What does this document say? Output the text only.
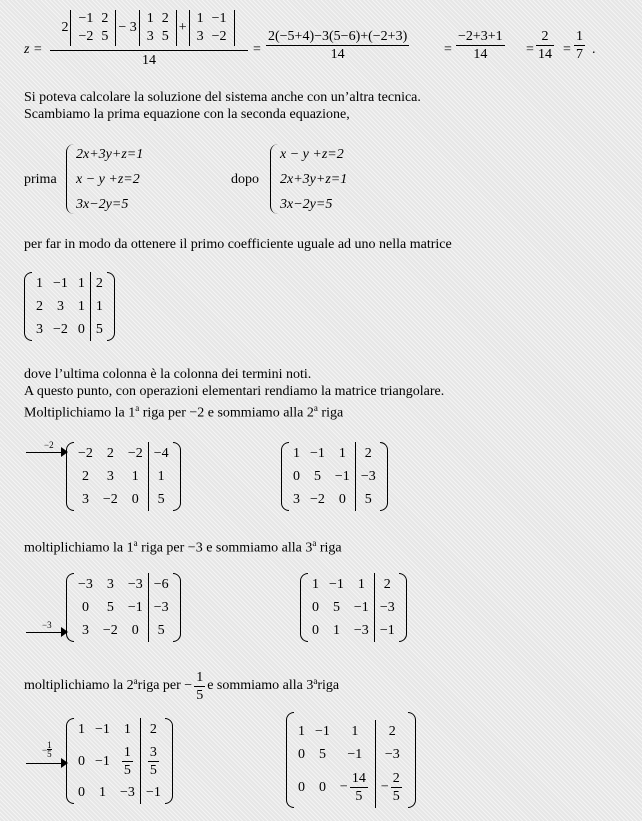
z =
2
−1	2
−2	5
− 3
1	2
3	5
+
1	−1
3	−2
14
= $\frac{2(-5+4)-3(5-6)+(-2+3)}{14} = \frac{-2+3+1}{14} = \frac{2}{14} = \frac{1}{7}$ .
Si poteva calcolare la soluzione del sistema anche con un’altra tecnica.
Scambiamo la prima equazione con la seconda equazione,
prima
2x+3y+z=1
x − y +z=2
3x−2y=5
dopo
x − y +z=2
2x+3y+z=1
3x−2y=5
per far in modo da ottenere il primo coefficiente uguale ad uno nella matrice
1	−1	1	2
2	3	1	1
3	−2	0	5
dove l’ultima colonna è la colonna dei termini noti.
A questo punto, con operazioni elementari rendiamo la matrice triangolare.
Moltiplichiamo la 1$^a$ riga per −2 e sommiamo alla 2$^a$ riga
−2
−2	2	−2	−4
2	3	1	1
3	−2	0	5
1	−1	1	2
0	5	−1	−3
3	−2	0	5
moltiplichiamo la 1$^a$ riga per −3 e sommiamo alla 3$^a$ riga
−3
−3	3	−3	−6
0	5	−1	−3
3	−2	0	5
1	−1	1	2
0	5	−1	−3
0	1	−3	−1
moltiplichiamo la 2$^a$ riga per − $\frac{1}{5}$ e sommiamo alla 3$^a$ riga
− $\frac{1}{5}$
1	−1	1	2
0	−1	$\frac{1}{5}$	$\frac{3}{5}$

0	1	−3	−1
1	−1	1	2
0	5	−1	−3
0	0	− $\frac{14}{5}$	− $\frac{2}{5}$
